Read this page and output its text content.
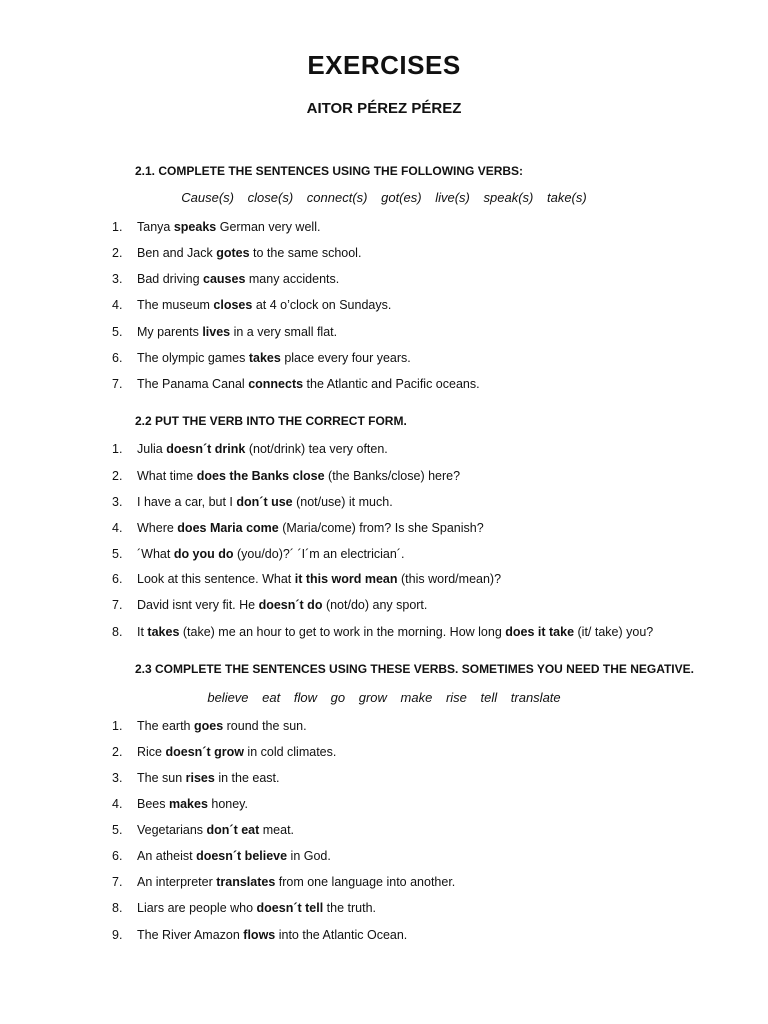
EXERCISES
AITOR PÉREZ PÉREZ
2.1. COMPLETE THE SENTENCES USING THE FOLLOWING VERBS:
Cause(s) close(s) connect(s) got(es) live(s) speak(s) take(s)
1. Tanya speaks German very well.
2. Ben and Jack gotes to the same school.
3. Bad driving causes many accidents.
4. The museum closes at 4 o’clock on Sundays.
5. My parents lives in a very small flat.
6. The olympic games takes place every four years.
7. The Panama Canal connects the Atlantic and Pacific oceans.
2.2 PUT THE VERB INTO THE CORRECT FORM.
1. Julia doesn´t drink (not/drink) tea very often.
2. What time does the Banks close (the Banks/close) here?
3. I have a car, but I don´t use (not/use) it much.
4. Where does Maria come (Maria/come) from? Is she Spanish?
5. ´What do you do (you/do)?´ ´I´m an electrician´.
6. Look at this sentence. What it this word mean (this word/mean)?
7. David isnt very fit. He doesn´t do (not/do) any sport.
8. It takes (take) me an hour to get to work in the morning. How long does it take (it/ take) you?
2.3 COMPLETE THE SENTENCES USING THESE VERBS. SOMETIMES YOU NEED THE NEGATIVE.
believe eat flow go grow make rise tell translate
1. The earth goes round the sun.
2. Rice doesn´t grow in cold climates.
3. The sun rises in the east.
4. Bees makes honey.
5. Vegetarians don´t eat meat.
6. An atheist doesn´t believe in God.
7. An interpreter translates from one language into another.
8. Liars are people who doesn´t tell the truth.
9. The River Amazon flows into the Atlantic Ocean.
